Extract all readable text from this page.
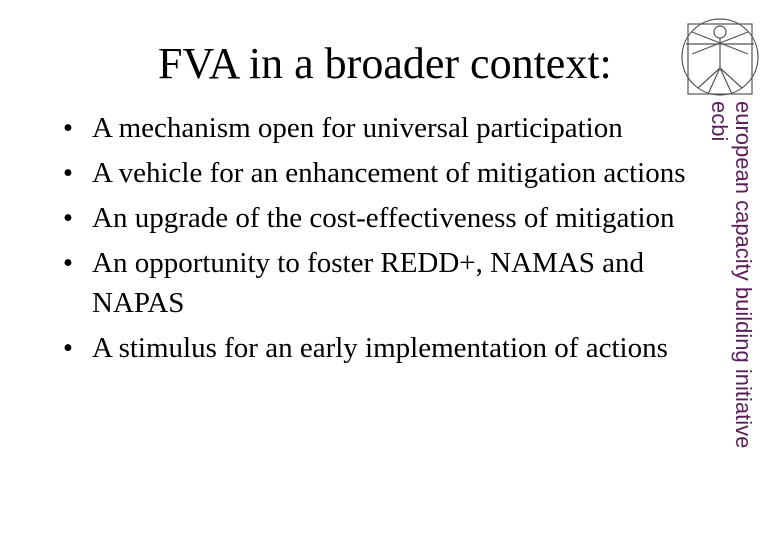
FVA in a broader context:
• A mechanism open for universal participation
• A vehicle for an enhancement of mitigation actions
• An upgrade of the cost-effectiveness of mitigation
• An opportunity to foster REDD+, NAMAS and NAPAS
• A stimulus for an early implementation of actions	european capacity building initiative
ecbi
